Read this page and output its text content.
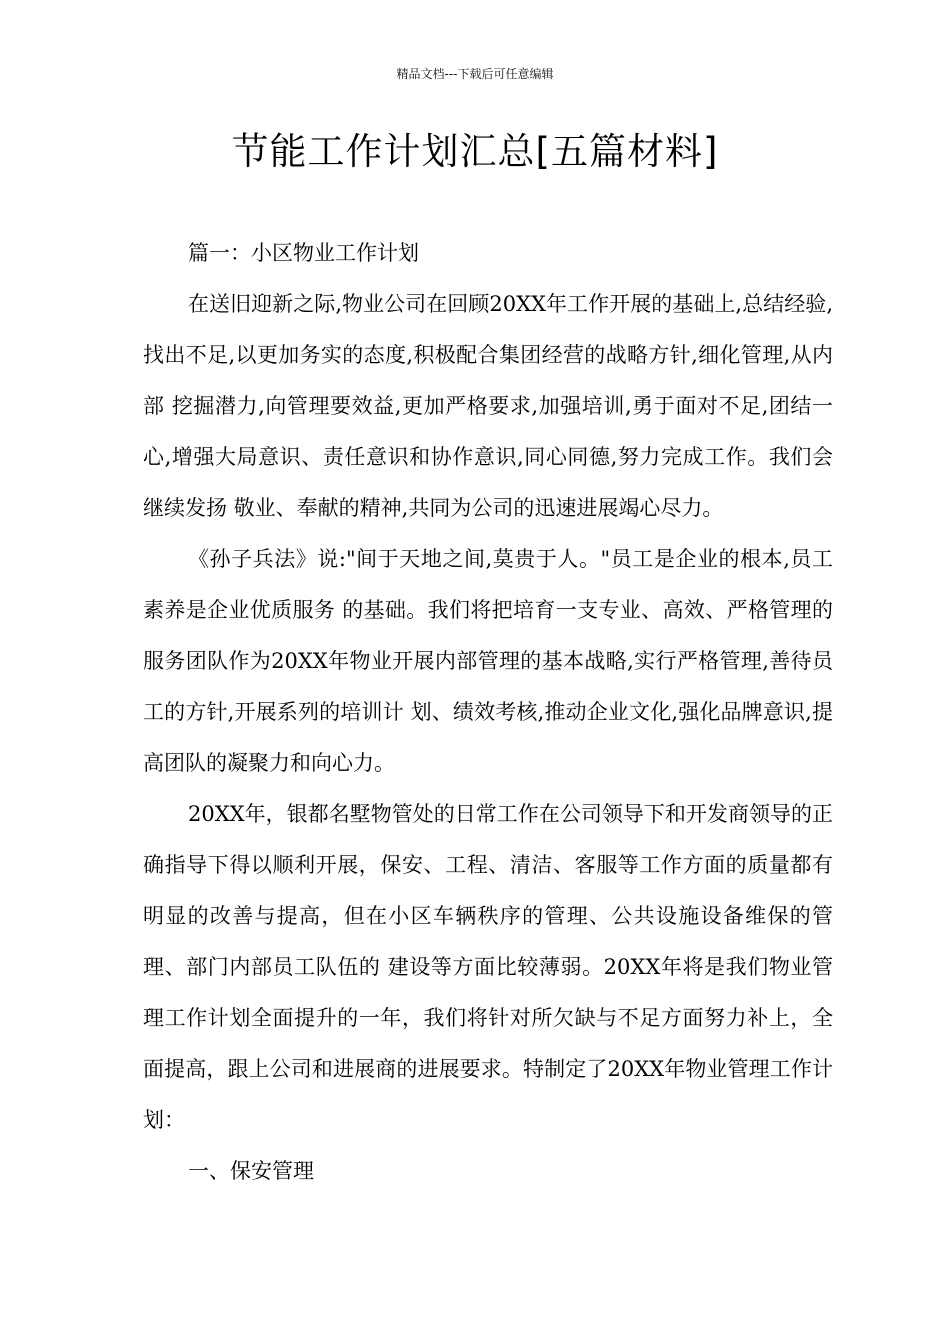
精品文档---下载后可任意编辑
节能工作计划汇总[五篇材料]

篇一：小区物业工作计划

在送旧迎新之际,物业公司在回顾20XX年工作开展的基础上,总结经验,找出不足,以更加务实的态度,积极配合集团经营的战略方针,细化管理,从内部 挖掘潜力,向管理要效益,更加严格要求,加强培训,勇于面对不足,团结一心,增强大局意识、责任意识和协作意识,同心同德,努力完成工作。我们会继续发扬 敬业、奉献的精神,共同为公司的迅速进展竭心尽力。

《孙子兵法》说:"间于天地之间,莫贵于人。"员工是企业的根本,员工素养是企业优质服务 的基础。我们将把培育一支专业、高效、严格管理的服务团队作为20XX年物业开展内部管理的基本战略,实行严格管理,善待员工的方针,开展系列的培训计 划、绩效考核,推动企业文化,强化品牌意识,提高团队的凝聚力和向心力。

20XX年，银都名墅物管处的日常工作在公司领导下和开发商领导的正确指导下得以顺利开展，保安、工程、清洁、客服等工作方面的质量都有明显的改善与提高，但在小区车辆秩序的管理、公共设施设备维保的管理、部门内部员工队伍的 建设等方面比较薄弱。20XX年将是我们物业管理工作计划全面提升的一年，我们将针对所欠缺与不足方面努力补上，全面提高，跟上公司和进展商的进展要求。特制定了20XX年物业管理工作计划：

一、保安管理
